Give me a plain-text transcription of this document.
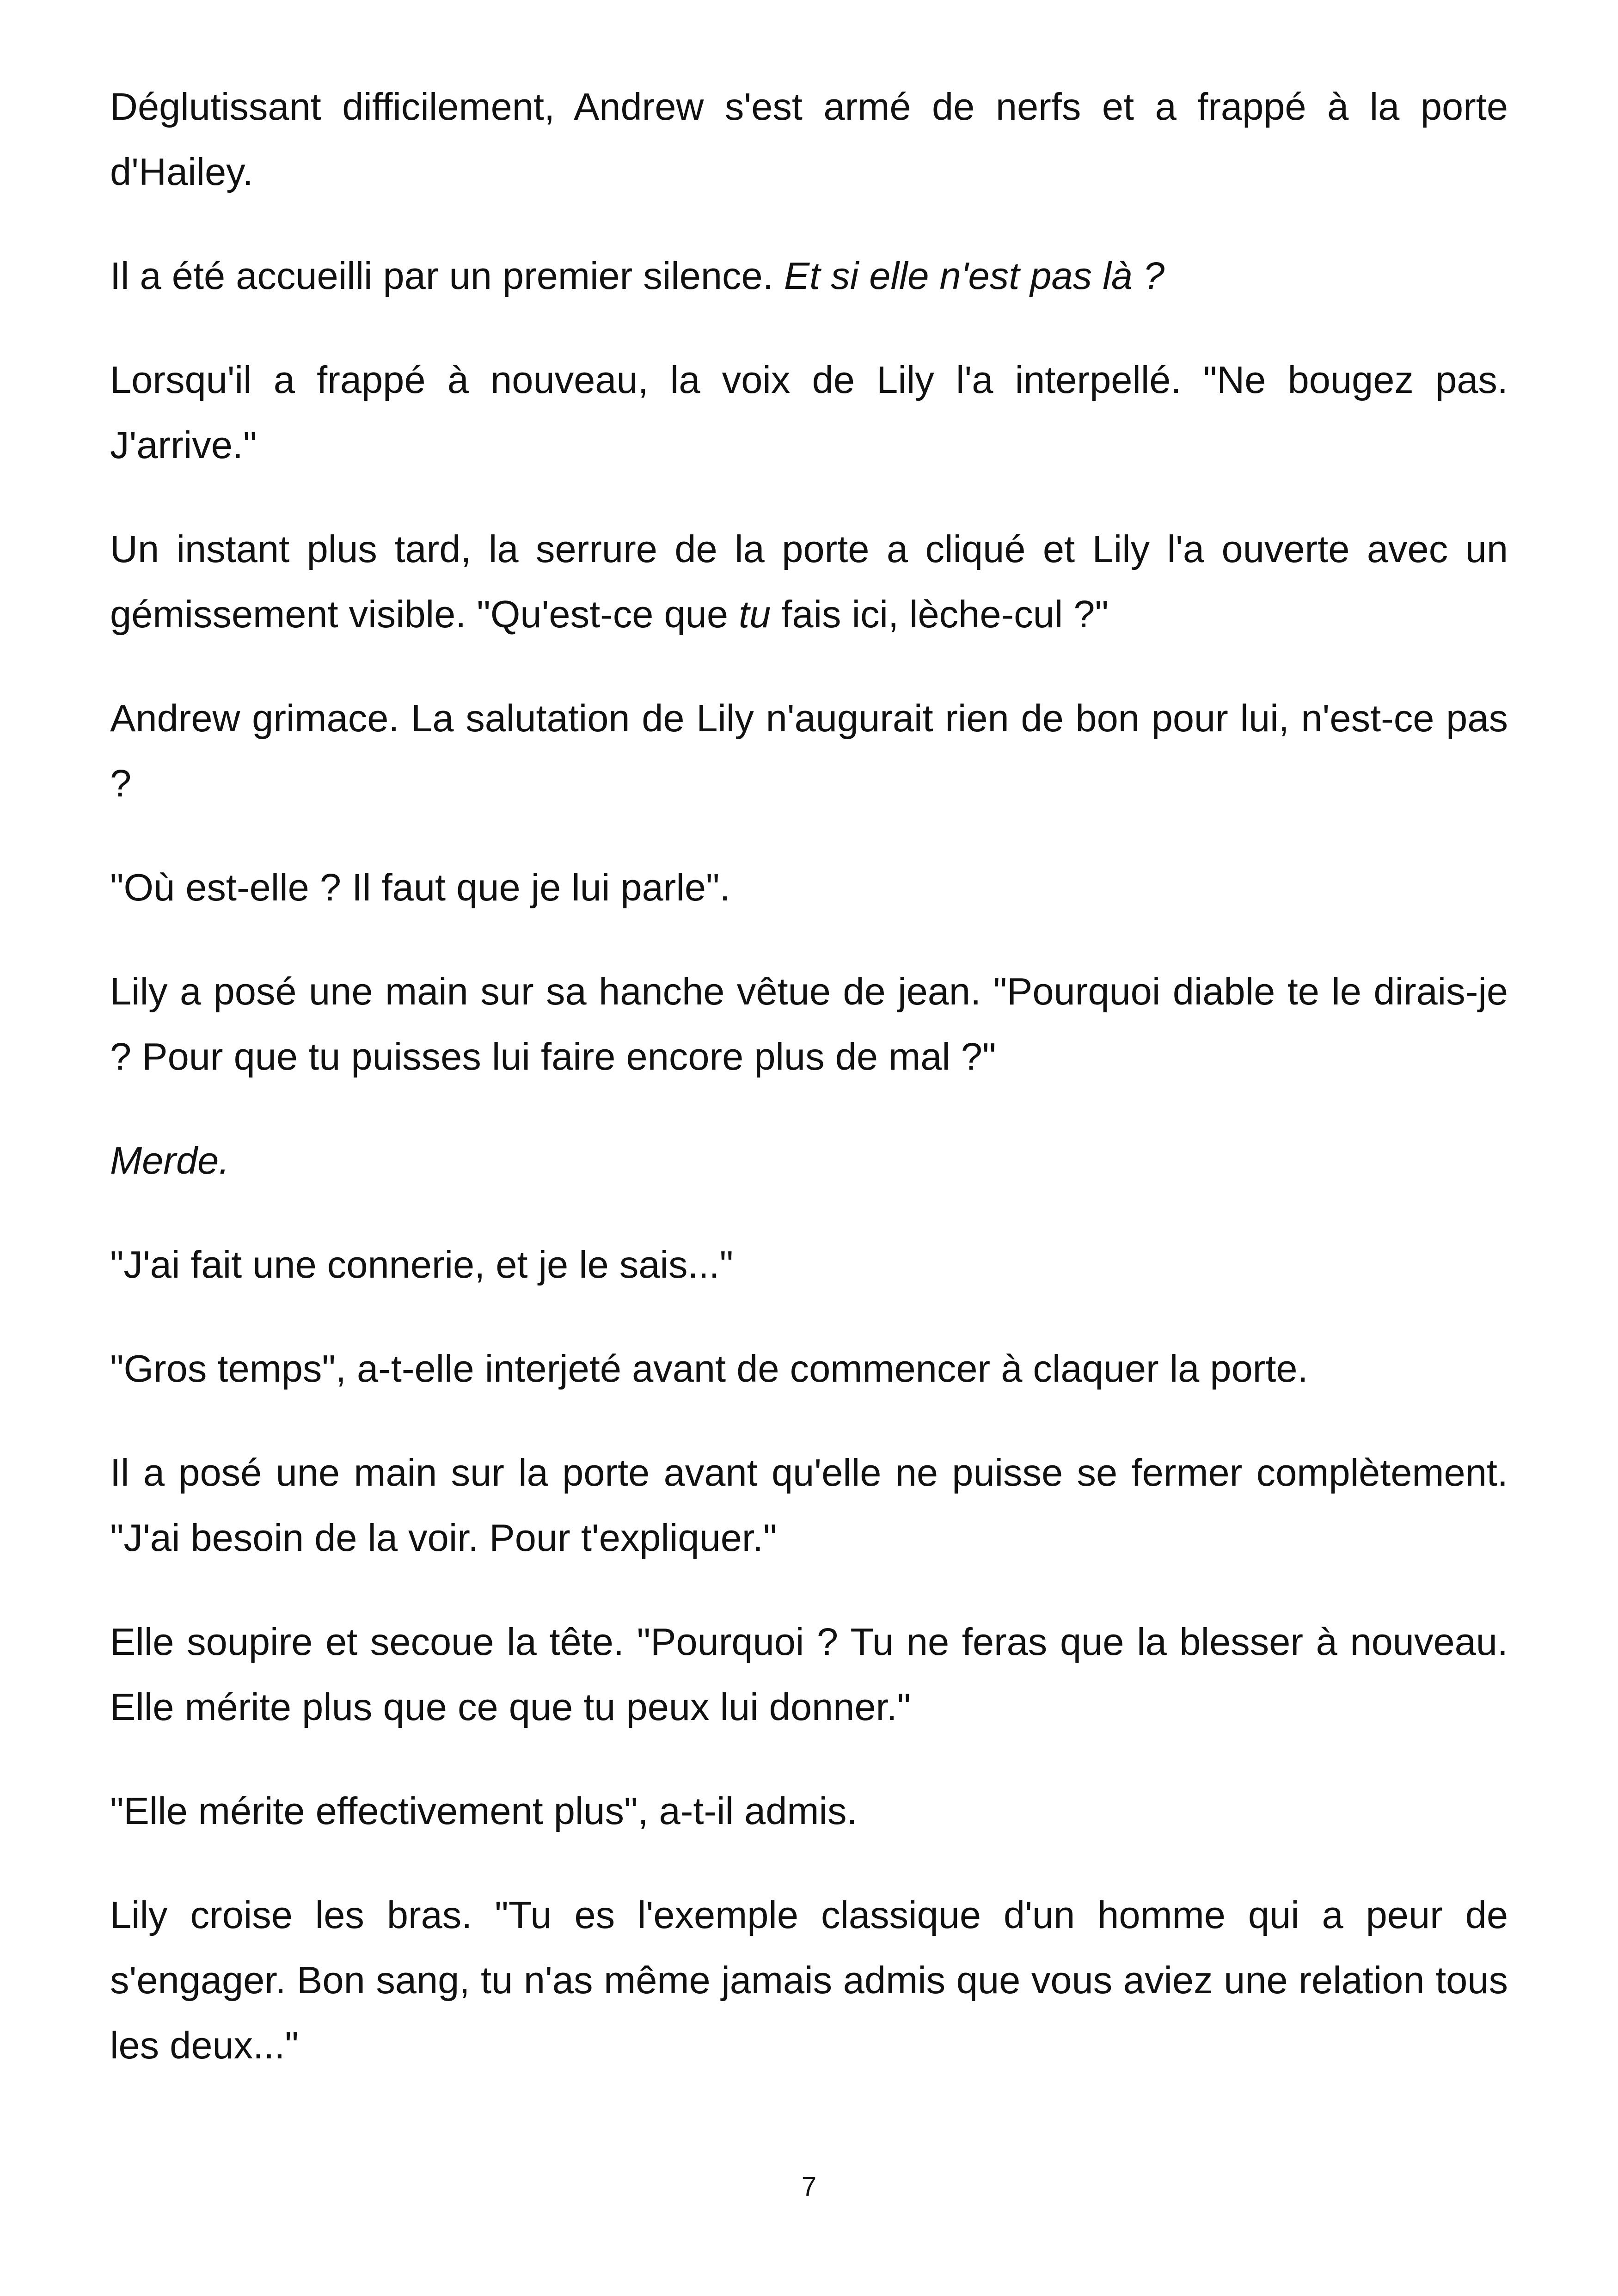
Déglutissant difficilement, Andrew s'est armé de nerfs et a frappé à la porte d'Hailey.

Il a été accueilli par un premier silence. Et si elle n'est pas là ?

Lorsqu'il a frappé à nouveau, la voix de Lily l'a interpellé. "Ne bougez pas. J'arrive."

Un instant plus tard, la serrure de la porte a cliqué et Lily l'a ouverte avec un gémissement visible. "Qu'est-ce que tu fais ici, lèche-cul ?"

Andrew grimace. La salutation de Lily n'augurait rien de bon pour lui, n'est-ce pas ?

"Où est-elle ? Il faut que je lui parle".

Lily a posé une main sur sa hanche vêtue de jean. "Pourquoi diable te le dirais-je ? Pour que tu puisses lui faire encore plus de mal ?"

Merde.

"J'ai fait une connerie, et je le sais..."

"Gros temps", a-t-elle interjeté avant de commencer à claquer la porte.

Il a posé une main sur la porte avant qu'elle ne puisse se fermer complètement. "J'ai besoin de la voir. Pour t'expliquer."

Elle soupire et secoue la tête. "Pourquoi ? Tu ne feras que la blesser à nouveau. Elle mérite plus que ce que tu peux lui donner."

"Elle mérite effectivement plus", a-t-il admis.

Lily croise les bras. "Tu es l'exemple classique d'un homme qui a peur de s'engager. Bon sang, tu n'as même jamais admis que vous aviez une relation tous les deux..."

7
